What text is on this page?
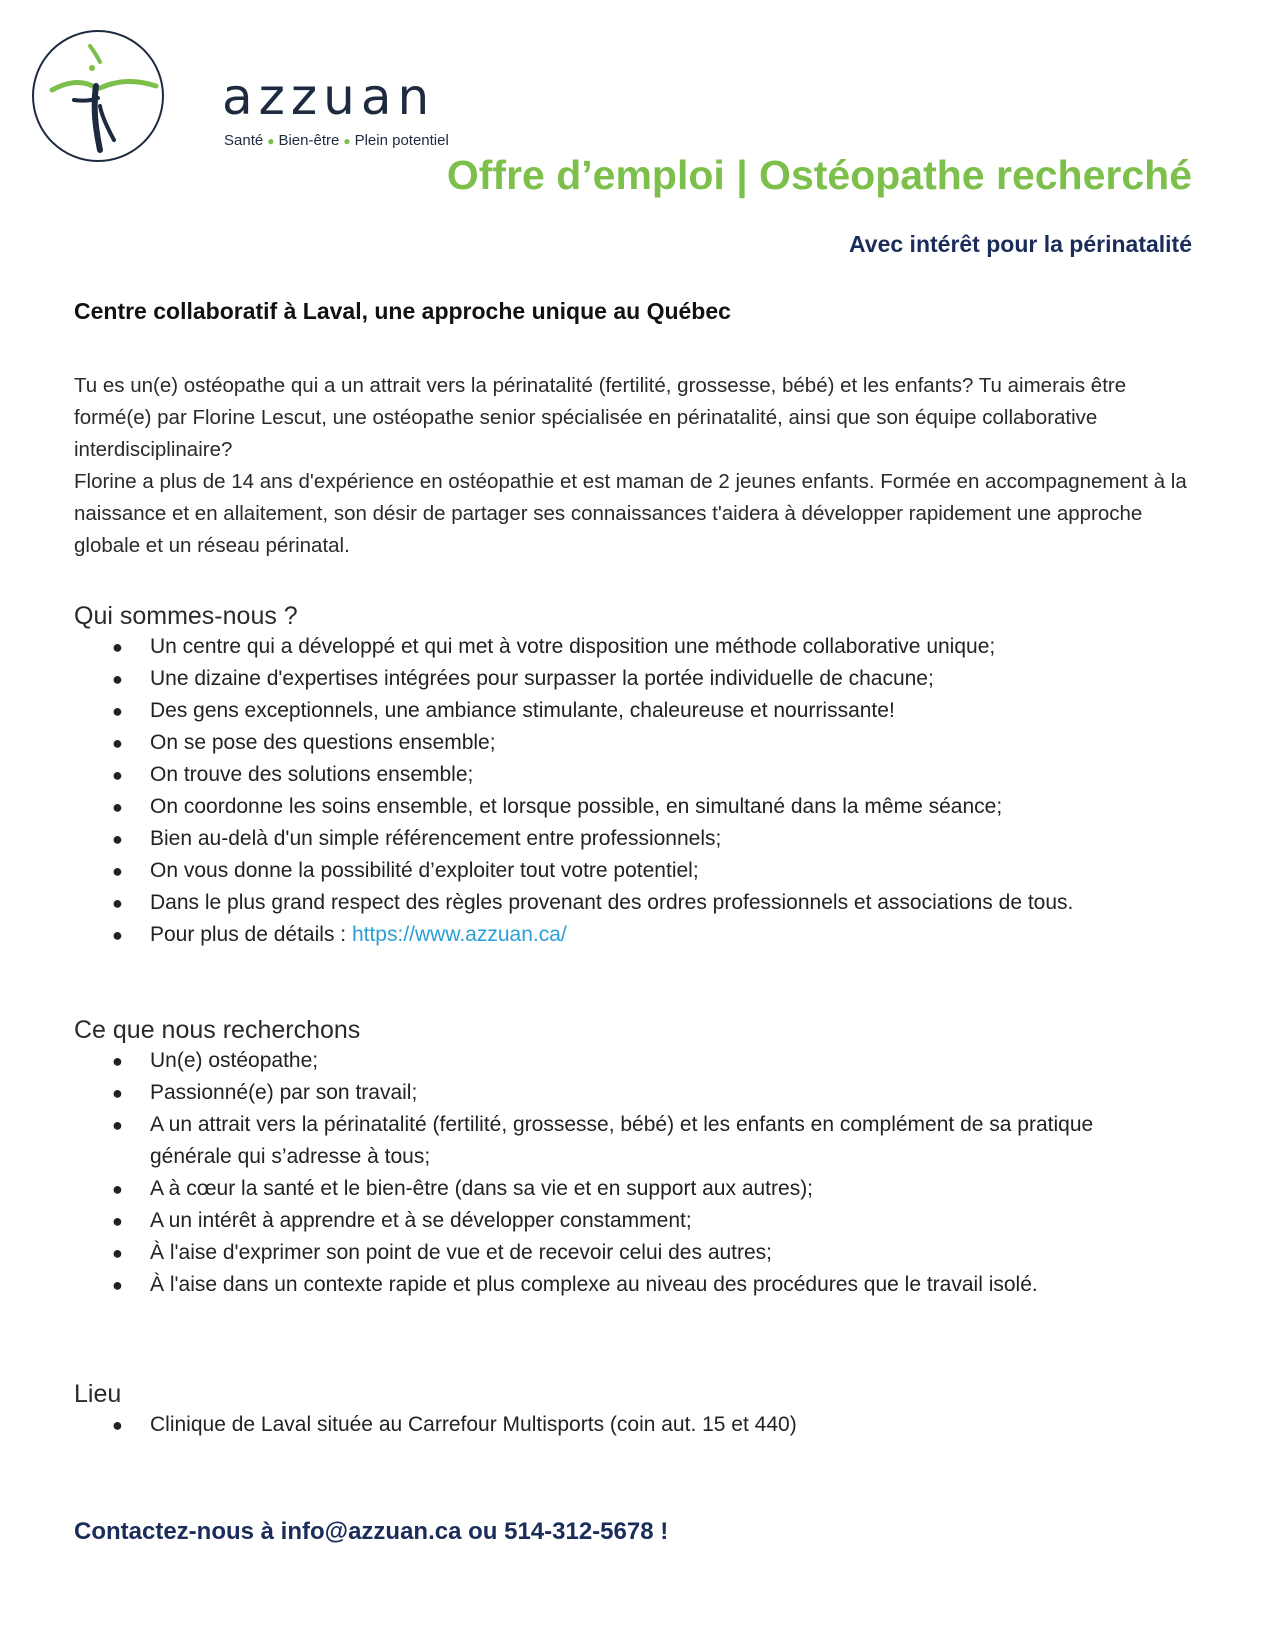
azzuan
Santé ● Bien-être ● Plein potentiel
Offre d’emploi | Ostéopathe recherché
Avec intérêt pour la périnatalité
Centre collaboratif à Laval, une approche unique au Québec

Tu es un(e) ostéopathe qui a un attrait vers la périnatalité (fertilité, grossesse, bébé) et les enfants? Tu aimerais être formé(e) par Florine Lescut, une ostéopathe senior spécialisée en périnatalité, ainsi que son équipe collaborative interdisciplinaire?

Florine a plus de 14 ans d'expérience en ostéopathie et est maman de 2 jeunes enfants. Formée en accompagnement à la naissance et en allaitement, son désir de partager ses connaissances t'aidera à développer rapidement une approche globale et un réseau périnatal.

Qui sommes-nous ?
● Un centre qui a développé et qui met à votre disposition une méthode collaborative unique;
● Une dizaine d'expertises intégrées pour surpasser la portée individuelle de chacune;
● Des gens exceptionnels, une ambiance stimulante, chaleureuse et nourrissante!
● On se pose des questions ensemble;
● On trouve des solutions ensemble;
● On coordonne les soins ensemble, et lorsque possible, en simultané dans la même séance;
● Bien au-delà d'un simple référencement entre professionnels;
● On vous donne la possibilité d’exploiter tout votre potentiel;
● Dans le plus grand respect des règles provenant des ordres professionnels et associations de tous.
● Pour plus de détails : https://www.azzuan.ca/
Ce que nous recherchons
● Un(e) ostéopathe;
● Passionné(e) par son travail;
● A un attrait vers la périnatalité (fertilité, grossesse, bébé) et les enfants en complément de sa pratique générale qui s’adresse à tous;
● A à cœur la santé et le bien-être (dans sa vie et en support aux autres);
● A un intérêt à apprendre et à se développer constamment;
● À l'aise d'exprimer son point de vue et de recevoir celui des autres;
● À l'aise dans un contexte rapide et plus complexe au niveau des procédures que le travail isolé.
Lieu
● Clinique de Laval située au Carrefour Multisports (coin aut. 15 et 440)
Contactez-nous à info@azzuan.ca ou 514-312-5678 !
